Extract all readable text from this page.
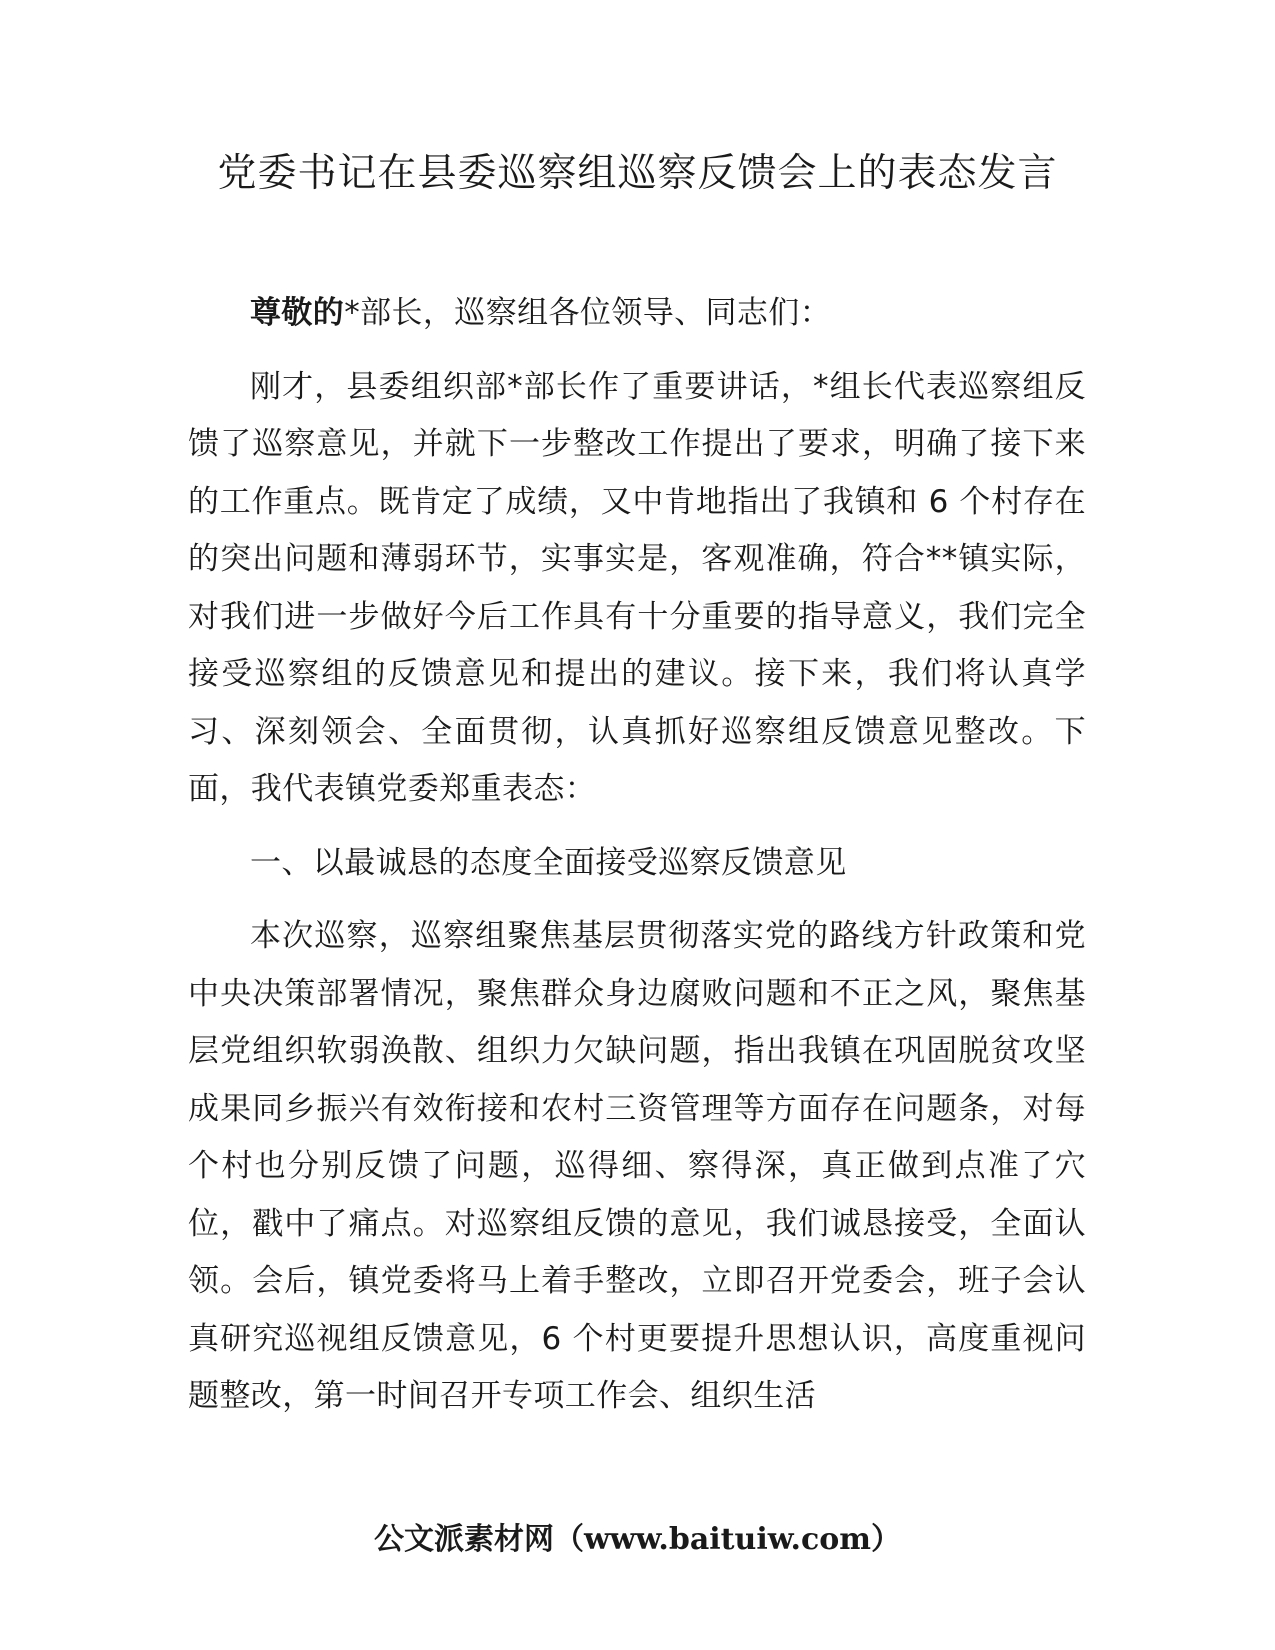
党委书记在县委巡察组巡察反馈会上的表态发言

尊敬的*部长，巡察组各位领导、同志们：

刚才，县委组织部*部长作了重要讲话，*组长代表巡察组反馈了巡察意见，并就下一步整改工作提出了要求，明确了接下来的工作重点。既肯定了成绩，又中肯地指出了我镇和 6 个村存在的突出问题和薄弱环节，实事实是，客观准确，符合**镇实际，对我们进一步做好今后工作具有十分重要的指导意义，我们完全接受巡察组的反馈意见和提出的建议。接下来，我们将认真学习、深刻领会、全面贯彻，认真抓好巡察组反馈意见整改。下面，我代表镇党委郑重表态：

一、以最诚恳的态度全面接受巡察反馈意见

本次巡察，巡察组聚焦基层贯彻落实党的路线方针政策和党中央决策部署情况，聚焦群众身边腐败问题和不正之风，聚焦基层党组织软弱涣散、组织力欠缺问题，指出我镇在巩固脱贫攻坚成果同乡振兴有效衔接和农村三资管理等方面存在问题条，对每个村也分别反馈了问题，巡得细、察得深，真正做到点准了穴位，戳中了痛点。对巡察组反馈的意见，我们诚恳接受，全面认领。会后，镇党委将马上着手整改，立即召开党委会，班子会认真研究巡视组反馈意见，6 个村更要提升思想认识，高度重视问题整改，第一时间召开专项工作会、组织生活

公文派素材网（www.baituiw.com）
